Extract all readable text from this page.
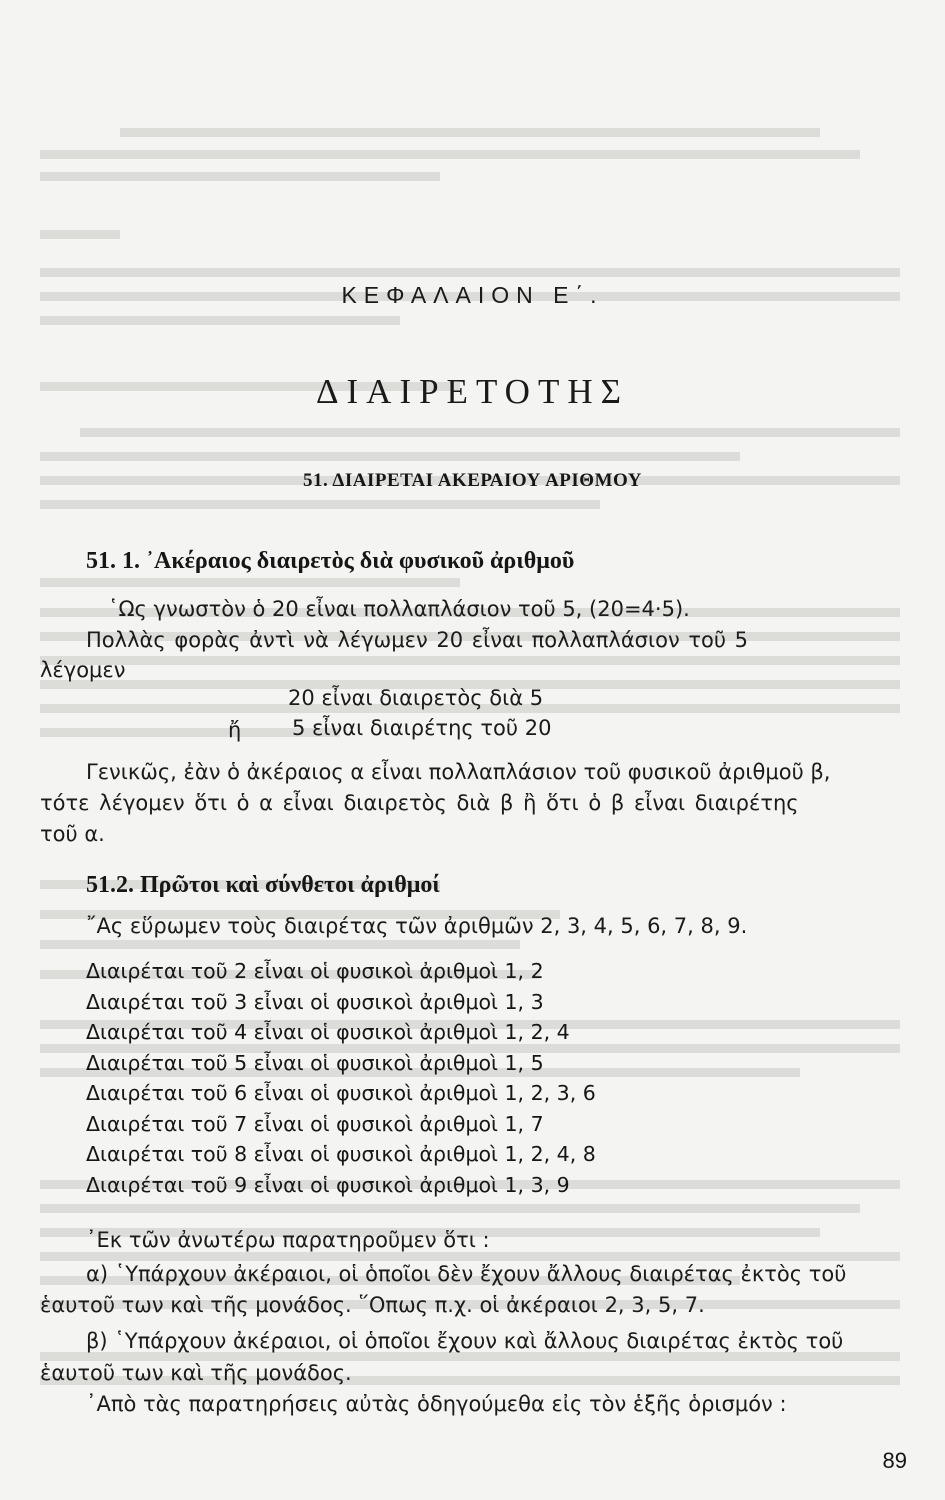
ΚΕΦΑΛΑΙΟΝ Ε΄.
ΔΙΑΙΡΕΤΟΤΗΣ
51. ΔΙΑΙΡΕΤΑΙ ΑΚΕΡΑΙΟΥ ΑΡΙΘΜΟΥ
51. 1. ᾿Ακέραιος διαιρετὸς διὰ φυσικοῦ ἀριθμοῦ
῾Ως γνωστὸν ὁ 20 εἶναι πολλαπλάσιον τοῦ 5, (20=4·5).
Πολλὰς φορὰς ἀντὶ νὰ λέγωμεν 20 εἶναι πολλαπλάσιον τοῦ 5
λέγομεν
20 εἶναι διαιρετὸς διὰ 5
ἤ 5 εἶναι διαιρέτης τοῦ 20
Γενικῶς, ἐὰν ὁ ἀκέραιος α εἶναι πολλαπλάσιον τοῦ φυσικοῦ ἀριθμοῦ β,
τότε λέγομεν ὅτι ὁ α εἶναι διαιρετὸς διὰ β ἢ ὅτι ὁ β εἶναι διαιρέτης
τοῦ α.
51.2. Πρῶτοι καὶ σύνθετοι ἀριθμοί
῎Ας εὕρωμεν τοὺς διαιρέτας τῶν ἀριθμῶν 2, 3, 4, 5, 6, 7, 8, 9.
Διαιρέται τοῦ 2 εἶναι οἱ φυσικοὶ ἀριθμοὶ 1, 2
Διαιρέται τοῦ 3 εἶναι οἱ φυσικοὶ ἀριθμοὶ 1, 3
Διαιρέται τοῦ 4 εἶναι οἱ φυσικοὶ ἀριθμοὶ 1, 2, 4
Διαιρέται τοῦ 5 εἶναι οἱ φυσικοὶ ἀριθμοὶ 1, 5
Διαιρέται τοῦ 6 εἶναι οἱ φυσικοὶ ἀριθμοὶ 1, 2, 3, 6
Διαιρέται τοῦ 7 εἶναι οἱ φυσικοὶ ἀριθμοὶ 1, 7
Διαιρέται τοῦ 8 εἶναι οἱ φυσικοὶ ἀριθμοὶ 1, 2, 4, 8
Διαιρέται τοῦ 9 εἶναι οἱ φυσικοὶ ἀριθμοὶ 1, 3, 9
᾿Εκ τῶν ἀνωτέρω παρατηροῦμεν ὅτι :
α) ῾Υπάρχουν ἀκέραιοι, οἱ ὁποῖοι δὲν ἔχουν ἄλλους διαιρέτας ἐκτὸς τοῦ
ἑαυτοῦ των καὶ τῆς μονάδος. ῞Οπως π.χ. οἱ ἀκέραιοι 2, 3, 5, 7.
β) ῾Υπάρχουν ἀκέραιοι, οἱ ὁποῖοι ἔχουν καὶ ἄλλους διαιρέτας ἐκτὸς τοῦ
ἑαυτοῦ των καὶ τῆς μονάδος.
᾿Απὸ τὰς παρατηρήσεις αὐτὰς ὁδηγούμεθα εἰς τὸν ἑξῆς ὁρισμόν :
89
